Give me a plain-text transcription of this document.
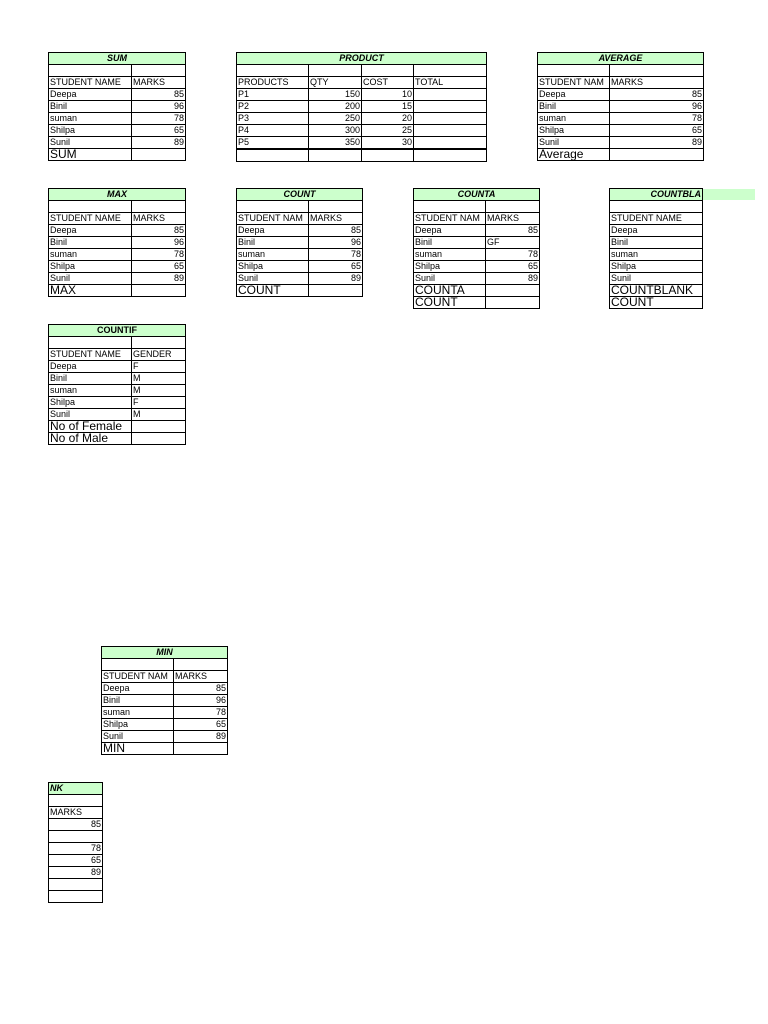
SUM	

STUDENT NAME	MARKS
Deepa	85
Binil	96
suman	78
Shilpa	65
Sunil	89
SUM	
PRODUCT			

PRODUCTS	QTY	COST	TOTAL
P1	150	10	
P2	200	15	
P3	250	20	
P4	300	25	
P5	350	30	

AVERAGE	

STUDENT NAM	MARKS
Deepa	85
Binil	96
suman	78
Shilpa	65
Sunil	89
Average	
MAX	

STUDENT NAME	MARKS
Deepa	85
Binil	96
suman	78
Shilpa	65
Sunil	89
MAX	
COUNT	

STUDENT NAM	MARKS
Deepa	85
Binil	96
suman	78
Shilpa	65
Sunil	89
COUNT	
COUNTA	

STUDENT NAM	MARKS
Deepa	85
Binil	GF
suman	78
Shilpa	65
Sunil	89
COUNTA	
COUNT	
COUNTBLA

STUDENT NAME
Deepa
Binil
suman
Shilpa
Sunil
COUNTBLANK
COUNT
COUNTIF	

STUDENT NAME	GENDER
Deepa	F
Binil	M
suman	M
Shilpa	F
Sunil	M
No of Female	
No of Male	
MIN	

STUDENT NAM	MARKS
Deepa	85
Binil	96
suman	78
Shilpa	65
Sunil	89
MIN	
NK

MARKS
85

78
65
89
